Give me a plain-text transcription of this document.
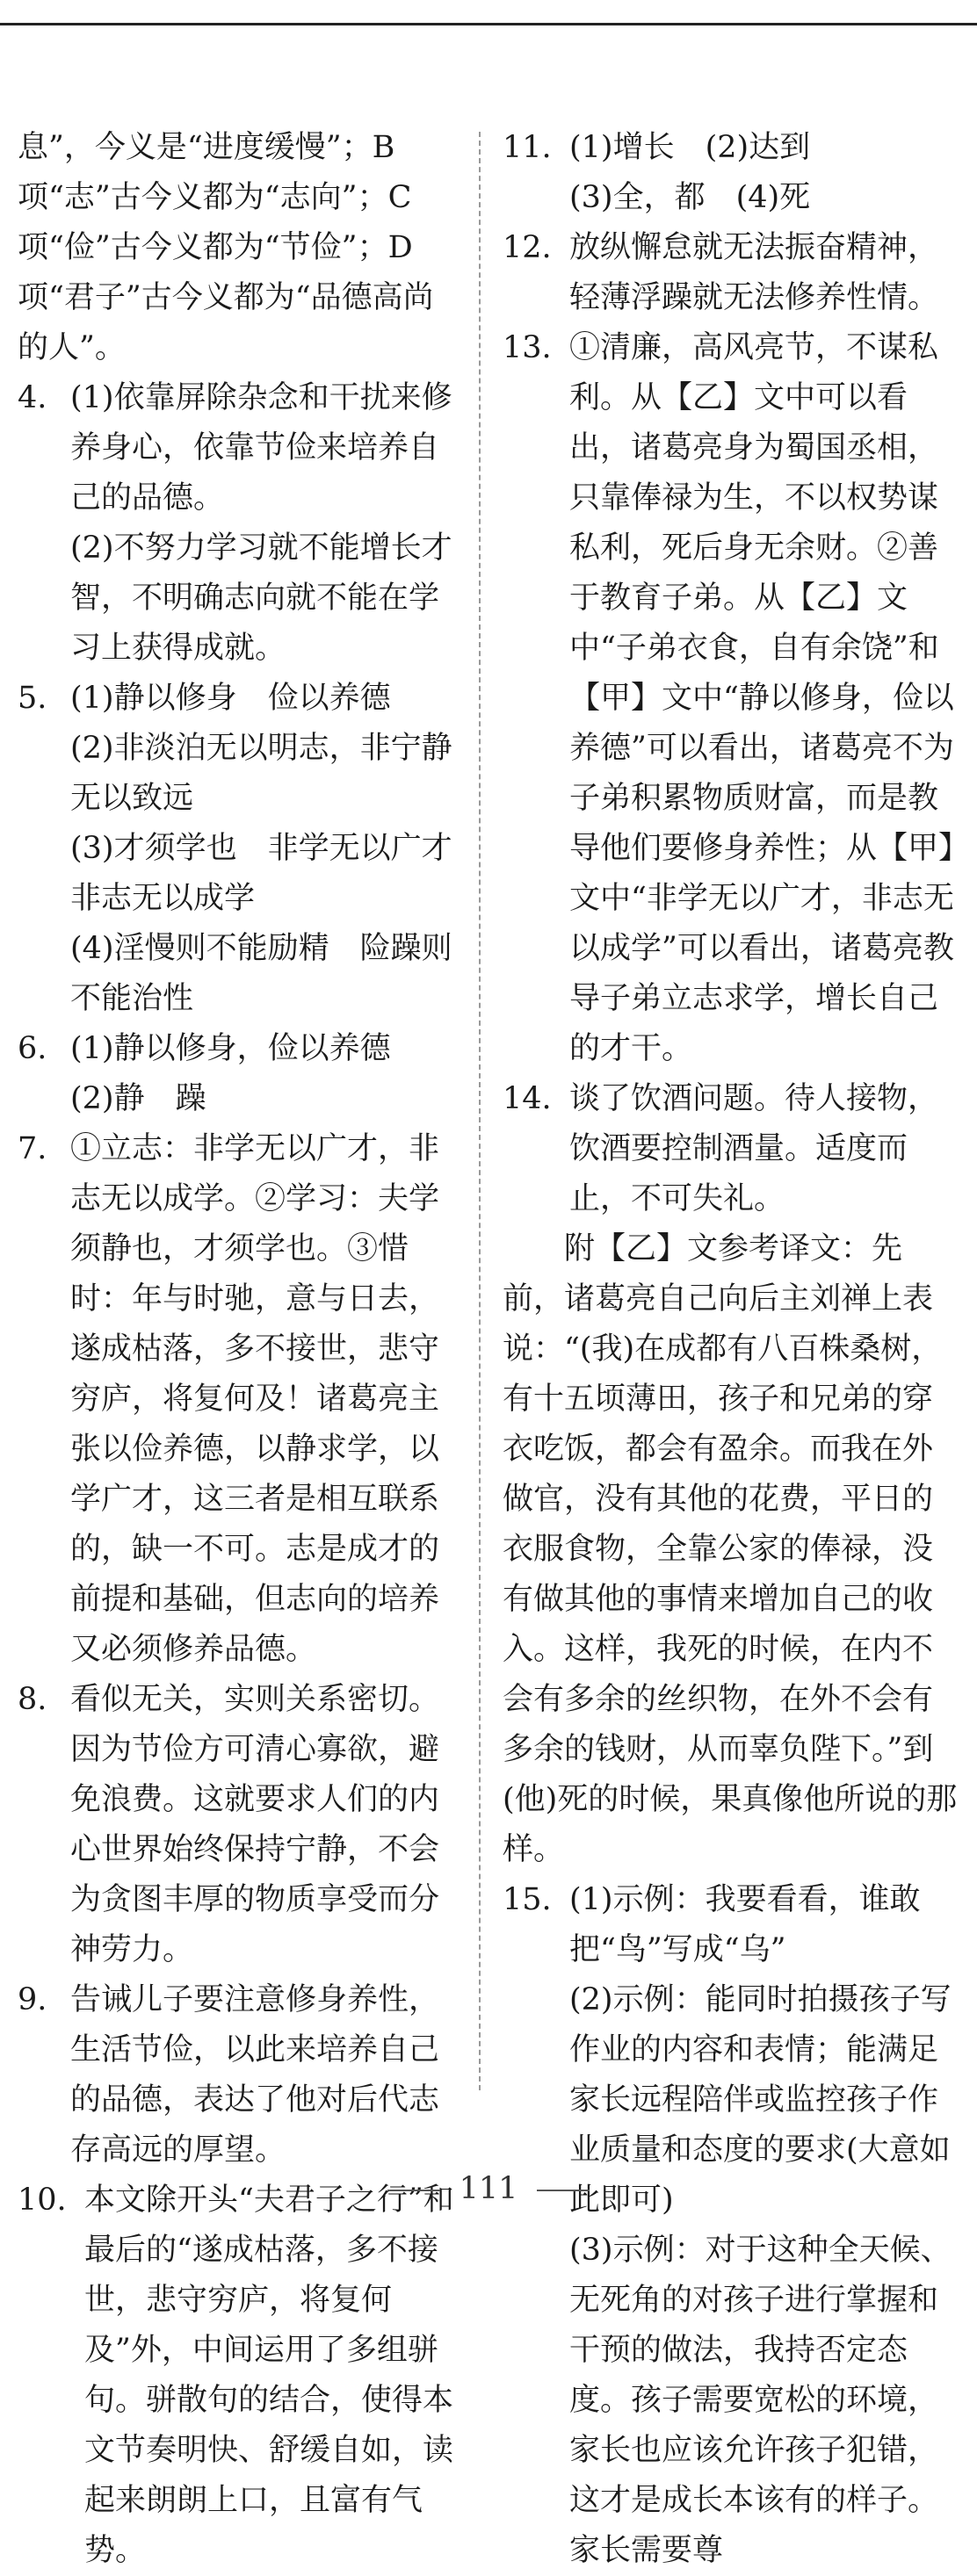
息”，今义是“进度缓慢”；B项“志”古今义都为“志向”；C项“俭”古今义都为“节俭”；D项“君子”古今义都为“品德高尚的人”。
4. (1)依靠屏除杂念和干扰来修养身心，依靠节俭来培养自己的品德。
(2)不努力学习就不能增长才智，不明确志向就不能在学习上获得成就。
5. (1)静以修身　俭以养德
(2)非淡泊无以明志，非宁静无以致远
(3)才须学也　非学无以广才　非志无以成学
(4)淫慢则不能励精　险躁则不能治性
6. (1)静以修身，俭以养德
(2)静　躁
7. ①立志：非学无以广才，非志无以成学。②学习：夫学须静也，才须学也。③惜时：年与时驰，意与日去，遂成枯落，多不接世，悲守穷庐，将复何及！诸葛亮主张以俭养德，以静求学，以学广才，这三者是相互联系的，缺一不可。志是成才的前提和基础，但志向的培养又必须修养品德。
8. 看似无关，实则关系密切。因为节俭方可清心寡欲，避免浪费。这就要求人们的内心世界始终保持宁静，不会为贪图丰厚的物质享受而分神劳力。
9. 告诫儿子要注意修身养性，生活节俭，以此来培养自己的品德，表达了他对后代志存高远的厚望。
10. 本文除开头“夫君子之行”和最后的“遂成枯落，多不接世，悲守穷庐，将复何及”外，中间运用了多组骈句。骈散句的结合，使得本文节奏明快、舒缓自如，读起来朗朗上口，且富有气势。
11. (1)增长　(2)达到
(3)全，都　(4)死
12. 放纵懈怠就无法振奋精神，轻薄浮躁就无法修养性情。
13. ①清廉，高风亮节，不谋私利。从【乙】文中可以看出，诸葛亮身为蜀国丞相，只靠俸禄为生，不以权势谋私利，死后身无余财。②善于教育子弟。从【乙】文中“子弟衣食，自有余饶”和【甲】文中“静以修身，俭以养德”可以看出，诸葛亮不为子弟积累物质财富，而是教导他们要修身养性；从【甲】文中“非学无以广才，非志无以成学”可以看出，诸葛亮教导子弟立志求学，增长自己的才干。
14. 谈了饮酒问题。待人接物，饮酒要控制酒量。适度而止，不可失礼。
附【乙】文参考译文：先前，诸葛亮自己向后主刘禅上表说：“(我)在成都有八百株桑树，有十五顷薄田，孩子和兄弟的穿衣吃饭，都会有盈余。而我在外做官，没有其他的花费，平日的衣服食物，全靠公家的俸禄，没有做其他的事情来增加自己的收入。这样，我死的时候，在内不会有多余的丝织物，在外不会有多余的钱财，从而辜负陛下。”到(他)死的时候，果真像他所说的那样。
15. (1)示例：我要看看，谁敢把“鸟”写成“乌”
(2)示例：能同时拍摄孩子写作业的内容和表情；能满足家长远程陪伴或监控孩子作业质量和态度的要求(大意如此即可)
(3)示例：对于这种全天候、无死角的对孩子进行掌握和干预的做法，我持否定态度。孩子需要宽松的环境，家长也应该允许孩子犯错，这才是成长本该有的样子。家长需要尊
111
